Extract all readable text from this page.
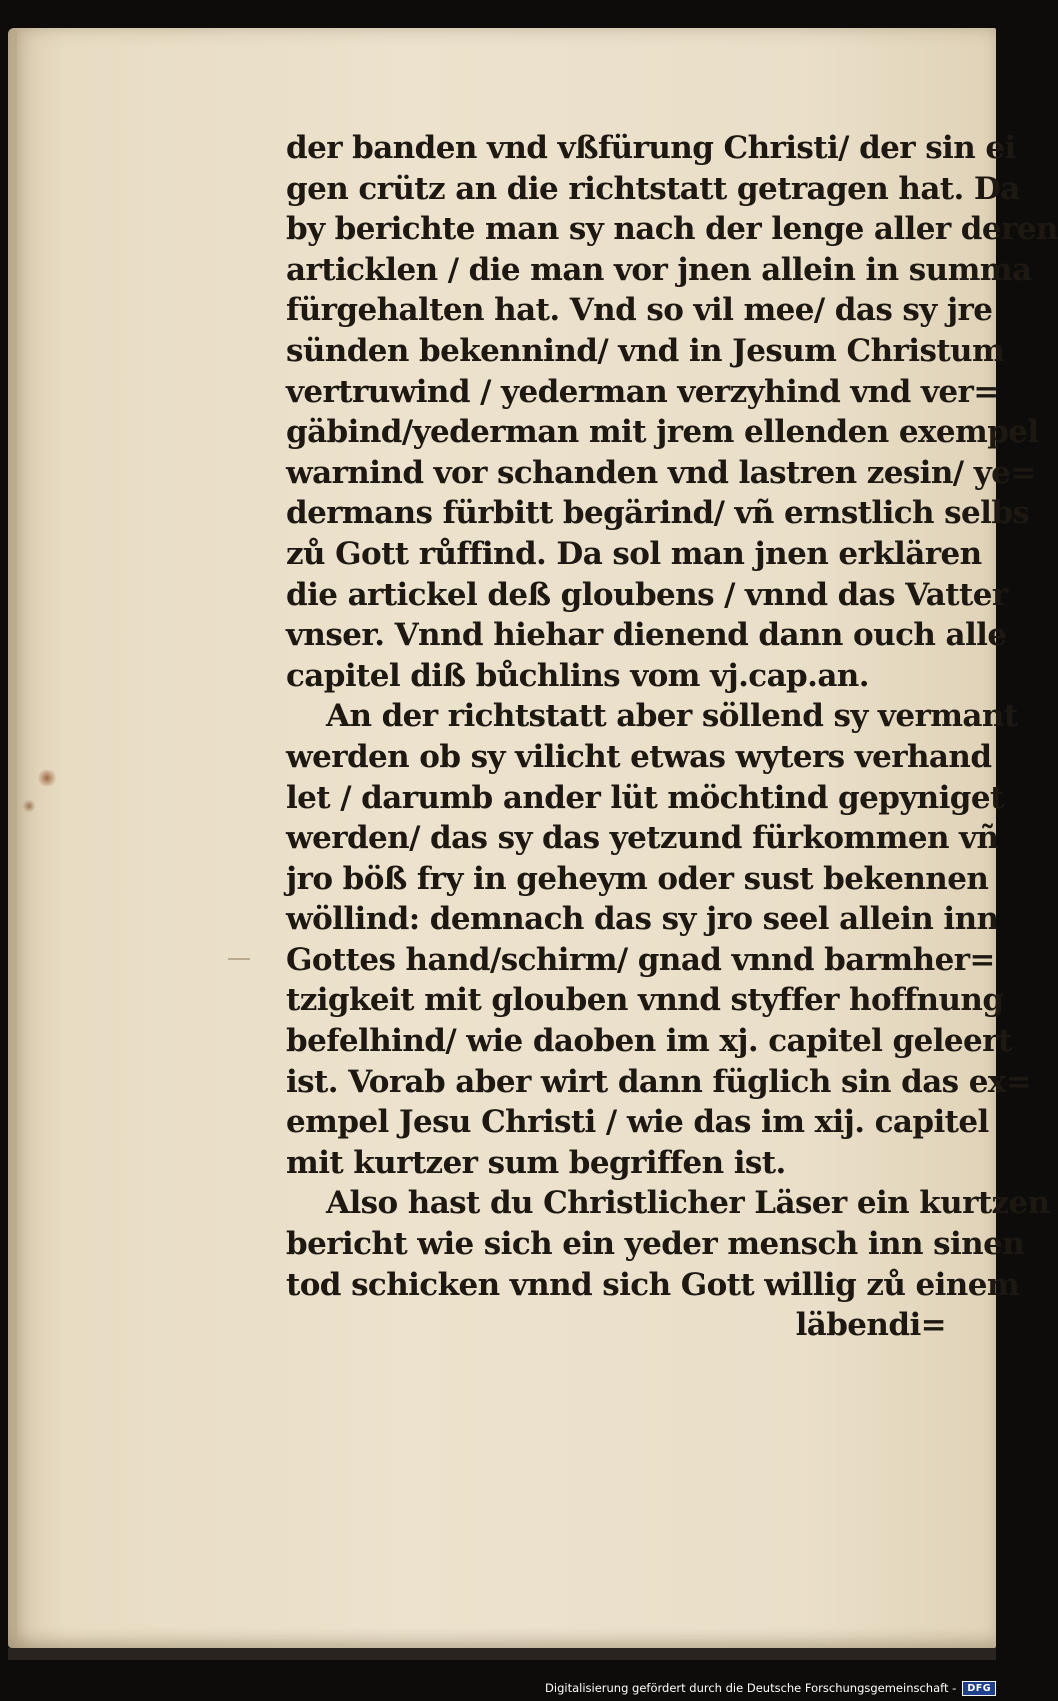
der banden vnd vßfürung Christi/ der sin ei
gen crütz an die richtstatt getragen hat. Da
by berichte man sy nach der lenge aller deren
articklen / die man vor jnen allein in summa
fürgehalten hat. Vnd so vil mee/ das sy jre
sünden bekennind/ vnd in Jesum Christum
vertruwind / yederman verzyhind vnd ver=
gäbind/yederman mit jrem ellenden exempel
warnind vor schanden vnd lastren zesin/ ye=
dermans fürbitt begärind/ vñ ernstlich selbs
zů Gott růffind. Da sol man jnen erklären
die artickel deß gloubens / vnnd das Vatter
vnser. Vnnd hiehar dienend dann ouch alle
capitel diß bůchlins vom vj.cap.an.
An der richtstatt aber söllend sy vermant
werden ob sy vilicht etwas wyters verhand
let / darumb ander lüt möchtind gepyniget
werden/ das sy das yetzund fürkommen vñ
jro böß fry in geheym oder sust bekennen
wöllind: demnach das sy jro seel allein inn
Gottes hand/schirm/ gnad vnnd barmher=
tzigkeit mit glouben vnnd styffer hoffnung
befelhind/ wie daoben im xj. capitel geleert
ist. Vorab aber wirt dann füglich sin das ex=
empel Jesu Christi / wie das im xij. capitel
mit kurtzer sum begriffen ist.
Also hast du Christlicher Läser ein kurtzen
bericht wie sich ein yeder mensch inn sinen
tod schicken vnnd sich Gott willig zů einem
läbendi=
Digitalisierung gefördert durch die Deutsche Forschungsgemeinschaft -	DFG
